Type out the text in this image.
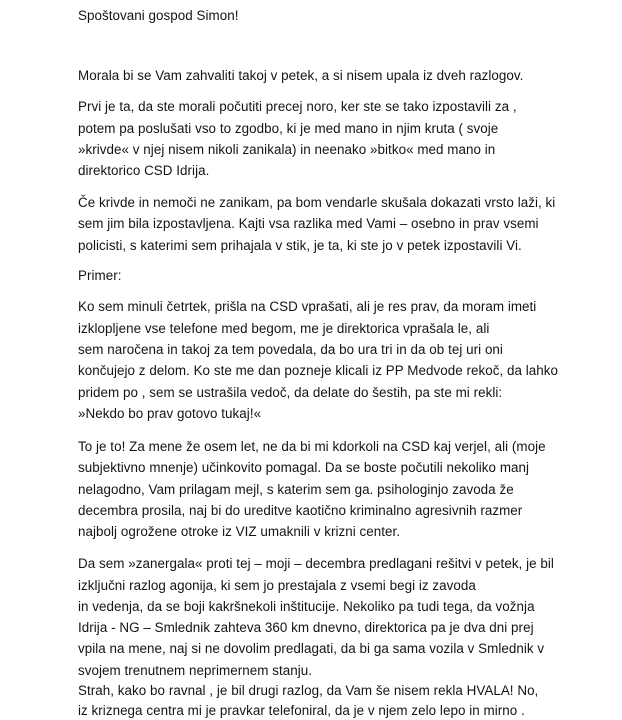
Spoštovani gospod Simon!
Morala bi se Vam zahvaliti takoj v petek, a si nisem upala iz dveh razlogov.
Prvi je ta, da ste morali počutiti precej noro, ker ste se tako izpostavili za ,
potem pa poslušati vso to zgodbo, ki je med mano in njim kruta ( svoje
»krivde« v njej nisem nikoli zanikala) in neenako »bitko« med mano in
direktorico CSD Idrija.
Če krivde in nemoči ne zanikam, pa bom vendarle skušala dokazati vrsto laži, ki
sem jim bila izpostavljena. Kajti vsa razlika med Vami – osebno in prav vsemi
policisti, s katerimi sem prihajala v stik, je ta, ki ste jo v petek izpostavili Vi.
Primer:
Ko sem minuli četrtek, prišla na CSD vprašati, ali je res prav, da moram imeti
izklopljene vse telefone med begom, me je direktorica vprašala le, ali
sem naročena in takoj za tem povedala, da bo ura tri in da ob tej uri oni
končujejo z delom. Ko ste me dan pozneje klicali iz PP Medvode rekoč, da lahko
pridem po , sem se ustrašila vedoč, da delate do šestih, pa ste mi rekli:
»Nekdo bo prav gotovo tukaj!«
To je to! Za mene že osem let, ne da bi mi kdorkoli na CSD kaj verjel, ali (moje
subjektivno mnenje) učinkovito pomagal. Da se boste počutili nekoliko manj
nelagodno, Vam prilagam mejl, s katerim sem ga. psihologinjo zavoda že
decembra prosila, naj bi do ureditve kaotično kriminalno agresivnih razmer
najbolj ogrožene otroke iz VIZ umaknili v krizni center.
Da sem »zanergala« proti tej – moji – decembra predlagani rešitvi v petek, je bil
izključni razlog agonija, ki sem jo prestajala z vsemi begi iz zavoda
in vedenja, da se boji kakršnekoli inštitucije. Nekoliko pa tudi tega, da vožnja
Idrija - NG – Smlednik zahteva 360 km dnevno, direktorica pa je dva dni prej
vpila na mene, naj si ne dovolim predlagati, da bi ga sama vozila v Smlednik v
svojem trenutnem neprimernem stanju.
Strah, kako bo ravnal , je bil drugi razlog, da Vam še nisem rekla HVALA! No,
iz kriznega centra mi je pravkar telefoniral, da je v njem zelo lepo in mirno .
